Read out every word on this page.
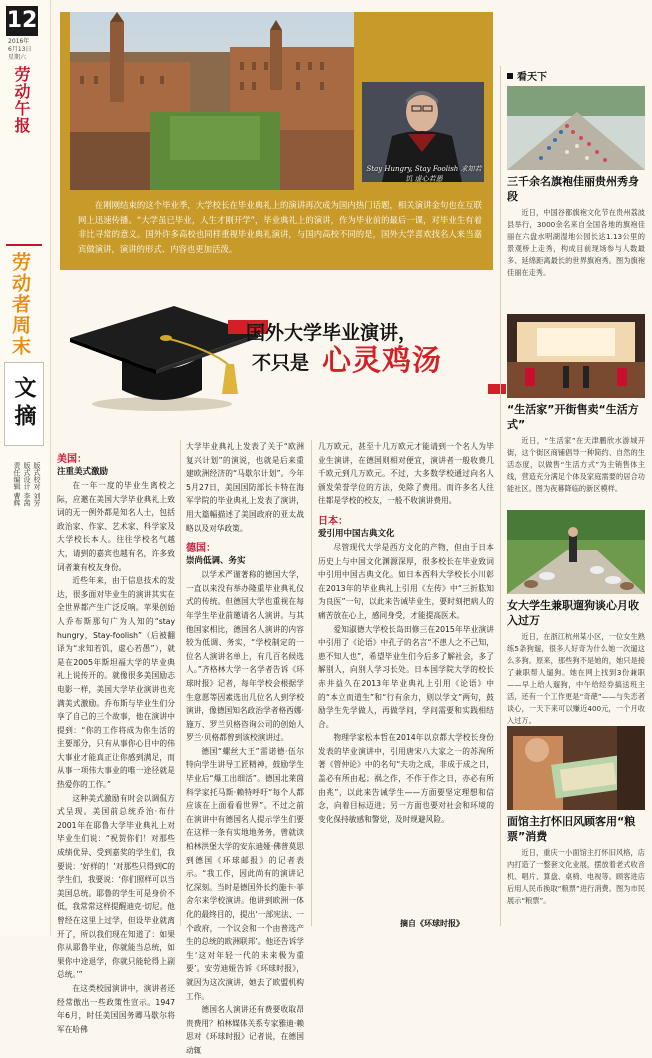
12
2016年
6月13日
星期六
劳动午报
劳动者周末
文摘
版式校对 刘芳
版式设计 李茜
责任编辑 曹辉
Stay Hungry, Stay Foolish 求知若饥 虚心若愚
在刚刚结束的这个毕业季，大学校长在毕业典礼上的演讲再次成为国内热门话题，相关演讲金句也在互联网上迅速传播。“大学虽已毕业，人生才刚开学”，毕业典礼上的演讲，作为毕业前的最后一课，对毕业生有着非比寻常的意义。国外许多高校也同样重视毕业典礼演讲，与国内高校不同的是，国外大学喜欢找名人来当嘉宾做演讲，演讲的形式、内容也更加活泼。
国外大学毕业演讲，
不只是 心灵鸡汤
美国：
注重美式激励

在一年一度的毕业生离校之际，应邀在美国大学毕业典礼上致词的无一例外都是知名人士，包括政治家、作家、艺术家、科学家及大学校长本人。往往学校名气越大，请到的嘉宾也越有名，许多致词者兼有校友身份。

近些年来，由于信息技术的发达，很多面对毕业生的演讲其实在全世界都产生广泛反响。苹果创始人乔布斯那句广为人知的“stay hungry，Stay-foolish”（后被翻译为“求知若饥，虚心若愚”），就是在2005年斯坦福大学的毕业典礼上说传开的。就像很多美国励志电影一样，美国大学毕业演讲也充满美式激励。乔布斯与毕业生们分享了自己的三个故事，他在演讲中提到：“你的工作将成为你生活的主要部分，只有从事你心目中的伟大事业才能真正让你感到满足，而从事一项伟大事业的唯一途径就是热爱你的工作。”

这种美式激励有时会以调侃方式呈现。美国前总统乔治·布什2001年在耶鲁大学毕业典礼上对毕业生们说：“祝贺你们！对那些成绩优异、受到嘉奖的学生们，我要说：‘好样的！’对那些只得到C的学生们，我要说：‘你们照样可以当美国总统。耶鲁的学生可是身价不低，我常常这样提醒迪克·切尼。他曾经在这里上过学，但设毕业就离开了，所以我们现在知道了：如果你从耶鲁毕业，你就能当总统，如果你中途退学，你就只能轮得上副总统。’”

在这类校园演讲中，演讲者还经常傲出一些政策性宣示。1947年6月，时任美国国务卿马歇尔将军在哈佛

大学毕业典礼上发表了关于“欧洲复兴计划”的演说，也就是后来重建欧洲经济的“马歇尔计划”。今年5月27日，美国国防部长卡特在海军学院的毕业典礼上发表了演讲，用大篇幅描述了美国政府的亚太战略以及对华政策。

德国：
崇尚低调、务实

以学术严谨著称的德国大学，一直以来没有举办隆重毕业典礼仪式的传统。但德国大学也重视在每年学生毕业前邀请名人演讲。与其他国家相比，德国名人演讲的内容较为低调、务实，“学校制定的一位名人演讲名单上，有几百名候选人。”齐格林大学一名学者告诉《环球时报》记者，每年学校会根据学生意愿等因素选出几位名人到学校演讲，像德国知名政治学者格西娜·施万、罗兰贝格咨询公司的创始人罗兰·贝格都曾到该校演讲过。

德国“螺丝大王”雷诺德·伍尔特向学生讲导工匠精神，鼓励学生毕业后“爆工出细活”。德国北莱茵科学家托马斯·赖特呼吁“每个人都应该在上面看看世界”。不过之前在演讲中有德国名人提示学生们要在这样一条有实地地务务，曾就读柏林洪堡大学的安东迪娅·佛普莫思到德国《环球邮报》的记者表示。“我工作，因此尚有的演讲记忆深刻。当时是德国外长约施卡·菲舍尔来学校演讲。他讲到欧洲一体化的最终目的，提出‘一部宪法、一个政府，一个议会和一个由普选产生的总统的欧洲联邦’。他还告诉学生‘这对年轻一代的未来极为重要’。安劳迪娅告诉《环球时报》，就因为这次演讲，她去了欧盟机构工作。

德国名人演讲还有费要收取昂贵费用？柏林媒体关系专家雅迪·赖思对《环球时报》记者说，在德国动辄

几万欧元，甚至十几万欧元才能请到一个名人为毕业生演讲，在德国则相对便宜，演讲者一般收费几千欧元到几万欧元。不过，大多数学校通过向名人颁发荣誉学位的方法，免除了费用。而许多名人往往都是学校的校友，一般不收演讲费用。

日本：
爱引用中国古典文化

尽管现代大学是西方文化的产物，但由于日本历史上与中国文化渊源深厚，很多校长在毕业致词中引用中国古典文化。如日本西科大学校长小川彰在2013年的毕业典礼上引用《左传》中“三折肱知为良医”一句，以此来告诫毕业生，要时刻把病人的痛苦放在心上，感同身受，才能提高医术。

爱知淑德大学校长岛田修三在2015年毕业演讲中引用了《论语》中孔子的名言“不患人之不己知，患不知人也”，希望毕业生们今后多了解社会，多了解别人，向别人学习长处。日本国学院大学的校长赤井益久在2013年毕业典礼上引用《论语》中的“本立而道生”和“行有余力，则以学文”两句，鼓励学生先学做人，再做学问，学问需要和实践相结合。

物理学家松本哲在2014年以京都大学校长身份发表的毕业演讲中，引用唐宋八大家之一的苏洵所著《管仲论》中的名句“夫功之成，非成于成之日，盖必有所由起；祸之作，不作于作之日，亦必有所由兆”，以此来告诫学生——方面要坚定理想和信念，向着目标迈进；另一方面也要对社会和环境的变化保持敏感和警觉，及时规避风险。

摘自《环球时报》
看天下
三千余名旗袍佳丽贵州秀身段
近日，中国谷都旗袍文化节在贵州荔波县举行，3000余名来自全国各地的旗袍佳丽在六盘水明湖湿地公园长达1.13公里的景观桥上走秀，构成目前现场参与人数最多、延绵距离最长的世界旗袍秀。图为旗袍佳丽在走秀。
“生活家”开街售卖“生活方式”
近日，“生活家”在天津鹏欣水游城开街，这个街区商铺倡导一种简约、自然的生活态度，以做售“生活方式”为主销售体主线，营造充分满足个体及家庭需要的居合功能社区。图为夜幕降临的新区模样。
女大学生兼职遛狗谈心月收入过万
近日，在浙江杭州某小区，一位女生熟练5条狗遛，很多人好奇为什么她一次遛这么多狗。原来，那些狗不是她的，她只是接了兼职帮人遛狗。她在网上找到3份兼职——早上给人遛狗，中午给经券搞送班主活，还有一个工作更是“奇葩”——与失恋者谈心，一天下来可以赚近400元，一个月收入过万。
面馆主打怀旧风顾客用“粮票”消费
近日，重庆一小面馆主打怀旧风格，店内打造了一整套文化业展，摆放着老式收音机、唱片、算盘、桌椅、电视等。顾客进店后用人民币换取“粮票”进行消费。图为市民展示“粮票”。
